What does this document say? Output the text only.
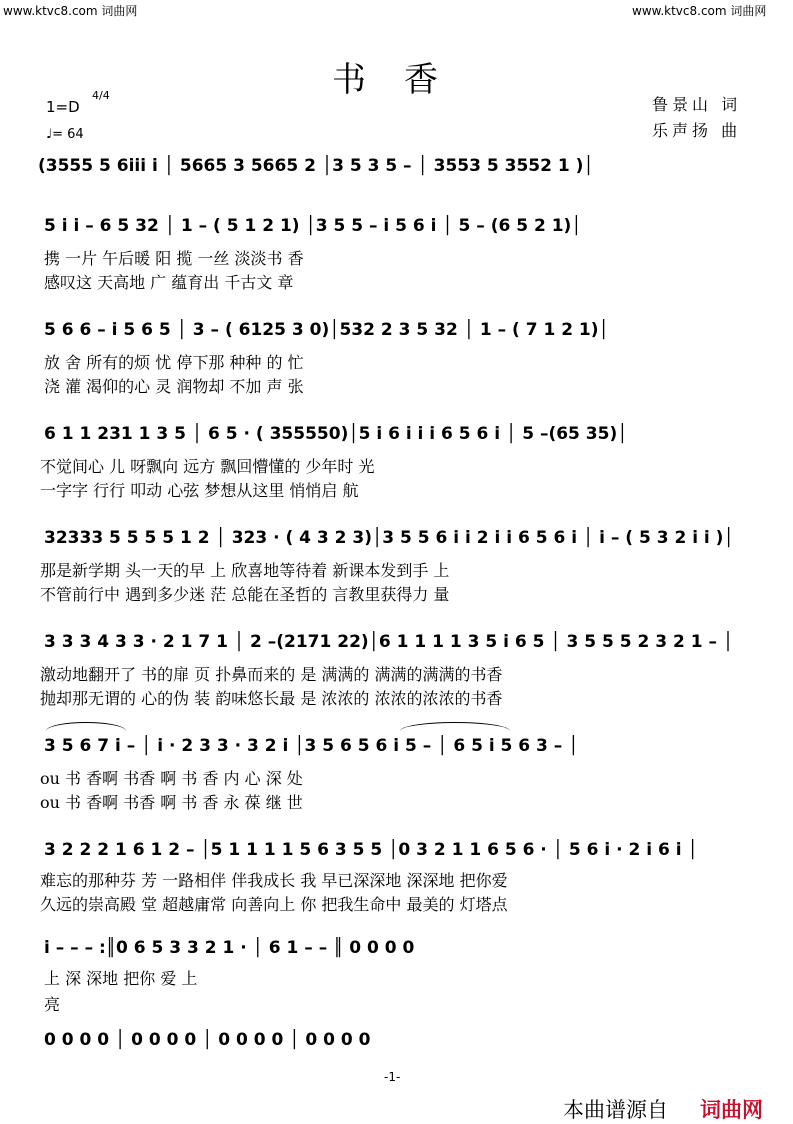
www.ktvc8.com 词曲网	www.ktvc8.com 词曲网
书香
1=D
4/4
♩= 64
鲁景山 词
乐声扬 曲
(3555 5 6i̇i̇i̇ i̇ │ 5665 3 5665 2 │3 5 3 5 – │ 3553 5 3552 1 )│
5 i̇ i̇ – 6 5 32 │ 1 – ( 5 1 2 1) │3 5 5 – i̇ 5 6 i̇ │ 5 – (6 5 2 1)│
携 一片 午后暖 阳 揽 一丝 淡淡书 香
感叹这 天高地 广 蕴育出 千古文 章
5 6 6 – i̇ 5 6 5 │ 3 – ( 6125 3 0)│532 2 3 5 32 │ 1 – ( 7 1 2 1)│
放 舍 所有的烦 忧 停下那 种种 的 忙
浇 灌 渴仰的心 灵 润物却 不加 声 张
6 1 1 231 1 3 5 │ 6 5 · ( 355550)│5 i̇ 6 i̇ i̇ i̇ 6 5 6 i̇ │ 5 –(65 35)│
不觉间心 儿 呀飘向 远方 飘回懵懂的 少年时 光
一字字 行行 叩动 心弦 梦想从这里 悄悄启 航
32333 5 5 5 5 1 2 │ 323 · ( 4 3 2 3)│3 5 5 6 i̇ i̇ 2 i̇ i̇ 6 5 6 i̇ │ i̇ – ( 5 3 2 i̇ i̇ )│
那是新学期 头一天的早 上 欣喜地等待着 新课本发到手 上
不管前行中 遇到多少迷 茫 总能在圣哲的 言教里获得力 量
3 3 3 4 3 3 · 2 1 7 1 │ 2 –(2171 22)│6 1 1 1 1 3 5 i̇ 6 5 │ 3 5 5 5 2 3 2 1 – │
激动地翻开了 书的扉 页 扑鼻而来的 是 满满的 满满的满满的书香
抛却那无谓的 心的伪 装 韵味悠长最 是 浓浓的 浓浓的浓浓的书香
3 5 6 7 i̇ – │ i̇ · 2 3 3 · 3 2 i̇ │3 5 6 5 6 i̇ 5 – │ 6 5 i̇ 5 6 3 – │
ou 书 香啊 书香 啊 书 香 内 心 深 处
ou 书 香啊 书香 啊 书 香 永 葆 继 世
3 2 2 2 1 6 1 2 – │5 1 1 1 1 5 6 3 5 5 │0 3 2 1 1 6 5 6 · │ 5 6 i̇ · 2 i̇ 6 i̇ │
难忘的那种芬 芳 一路相伴 伴我成长 我 早已深深地 深深地 把你爱
久远的崇高殿 堂 超越庸常 向善向上 你 把我生命中 最美的 灯塔点
i̇ – – – :║0 6 5 3 3 2 1 · │ 6 1 – – ║ 0 0 0 0
上 深 深地 把你 爱 上
亮
0 0 0 0 │ 0 0 0 0 │ 0 0 0 0 │ 0 0 0 0
-1-
本曲谱源自 词曲网
